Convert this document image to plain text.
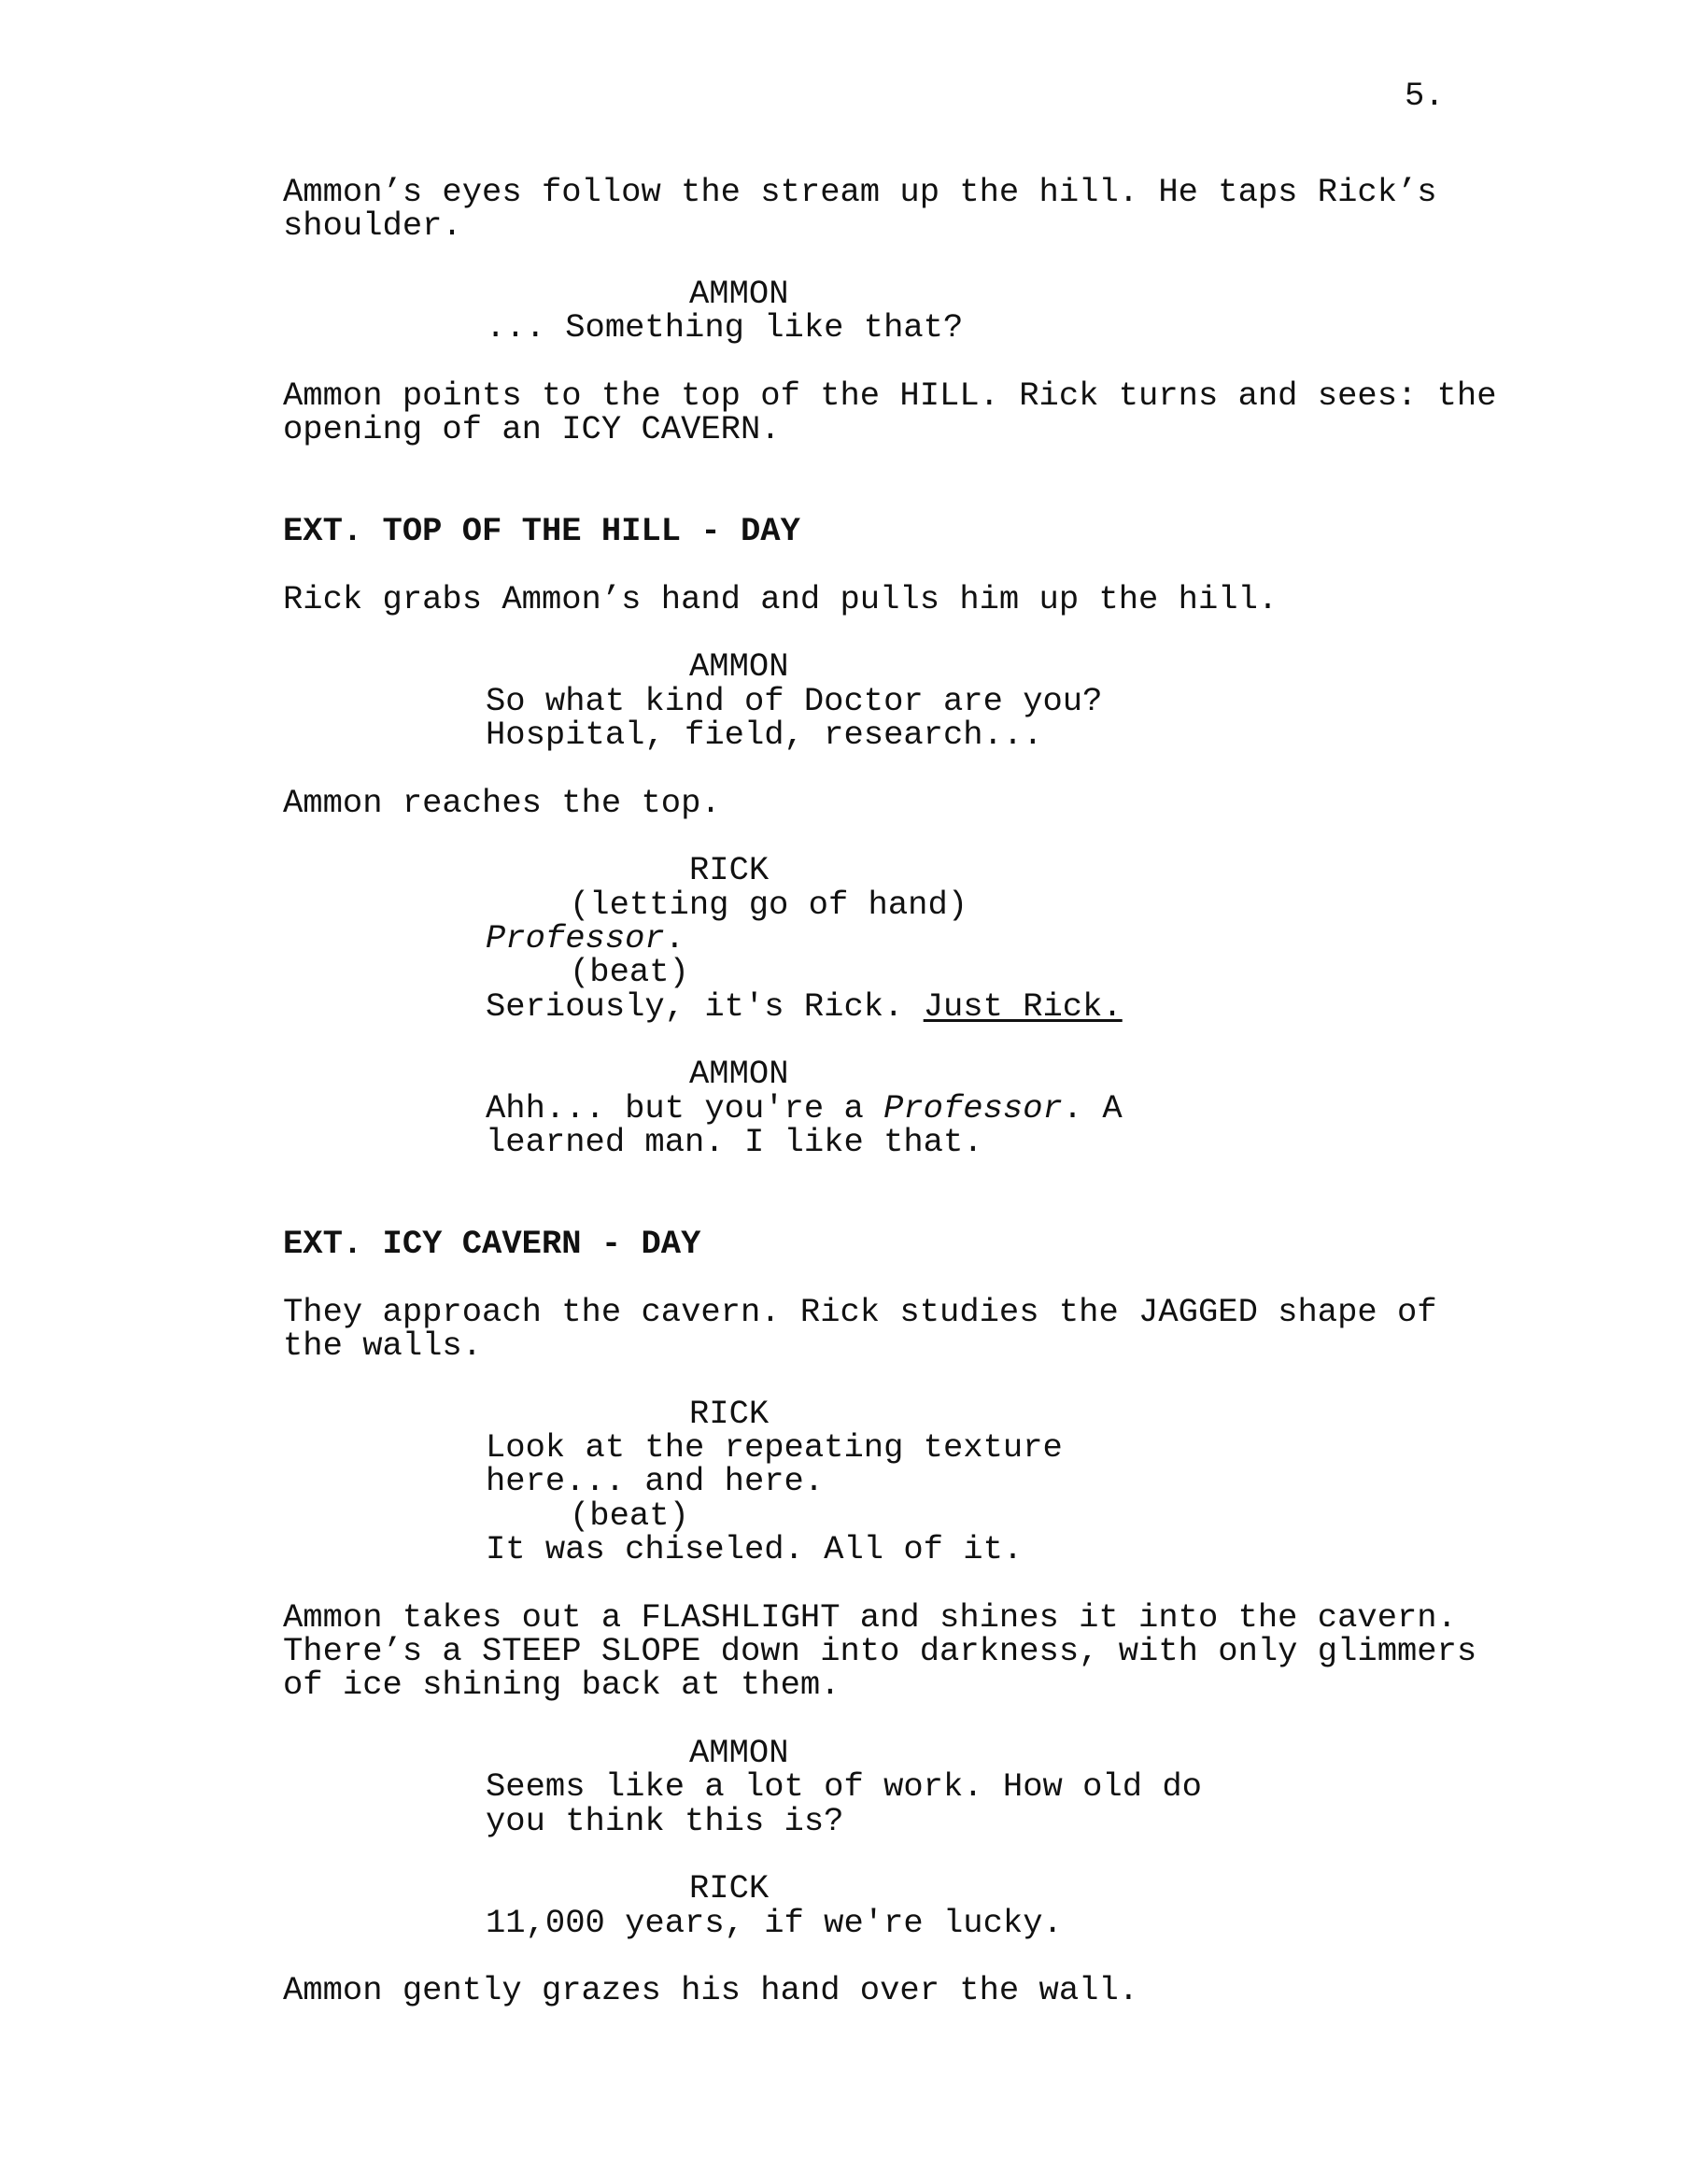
5.

Ammon’s eyes follow the stream up the hill. He taps Rick’s

shoulder.

AMMON

... Something like that?

Ammon points to the top of the HILL. Rick turns and sees: the

opening of an ICY CAVERN.

EXT. TOP OF THE HILL - DAY

Rick grabs Ammon’s hand and pulls him up the hill.

AMMON

So what kind of Doctor are you?

Hospital, field, research...

Ammon reaches the top.

RICK

(letting go of hand)

Professor.

(beat)

Seriously, it's Rick. Just Rick.

AMMON

Ahh... but you're a Professor. A

learned man. I like that.

EXT. ICY CAVERN - DAY

They approach the cavern. Rick studies the JAGGED shape of

the walls.

RICK

Look at the repeating texture

here... and here.

(beat)

It was chiseled. All of it.

Ammon takes out a FLASHLIGHT and shines it into the cavern.

There’s a STEEP SLOPE down into darkness, with only glimmers

of ice shining back at them.

AMMON

Seems like a lot of work. How old do

you think this is?

RICK

11,000 years, if we're lucky.

Ammon gently grazes his hand over the wall.
